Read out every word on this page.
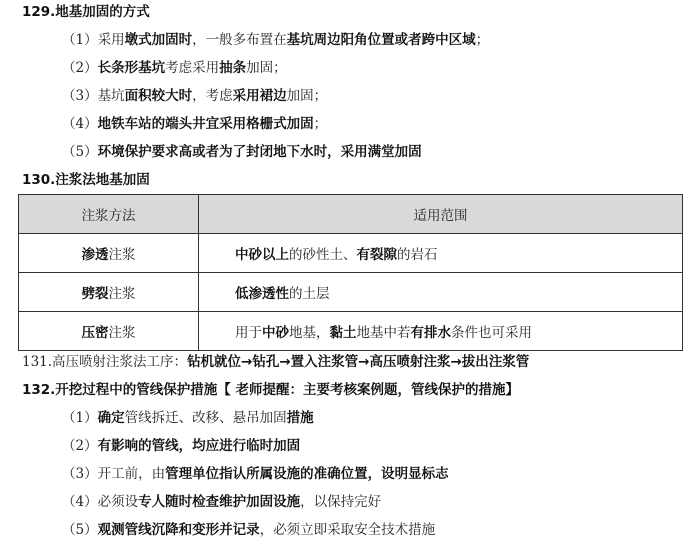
129.地基加固的方式
（1）采用墩式加固时，一般多布置在基坑周边阳角位置或者跨中区域；
（2）长条形基坑考虑采用抽条加固；
（3）基坑面积较大时，考虑采用裙边加固；
（4）地铁车站的端头井宜采用格栅式加固；
（5）环境保护要求高或者为了封闭地下水时，采用满堂加固
130.注浆法地基加固
注浆方法	适用范围
渗透注浆	中砂以上的砂性土、有裂隙的岩石
劈裂注浆	低渗透性的土层
压密注浆	用于中砂地基，黏土地基中若有排水条件也可采用
131.高压喷射注浆法工序：钻机就位→钻孔→置入注浆管→高压喷射注浆→拔出注浆管
132.开挖过程中的管线保护措施【 老师提醒：主要考核案例题，管线保护的措施】
（1）确定管线拆迁、改移、悬吊加固措施
（2）有影响的管线，均应进行临时加固
（3）开工前，由管理单位指认所属设施的准确位置，设明显标志
（4）必须设专人随时检查维护加固设施，以保持完好
（5）观测管线沉降和变形并记录，必须立即采取安全技术措施
